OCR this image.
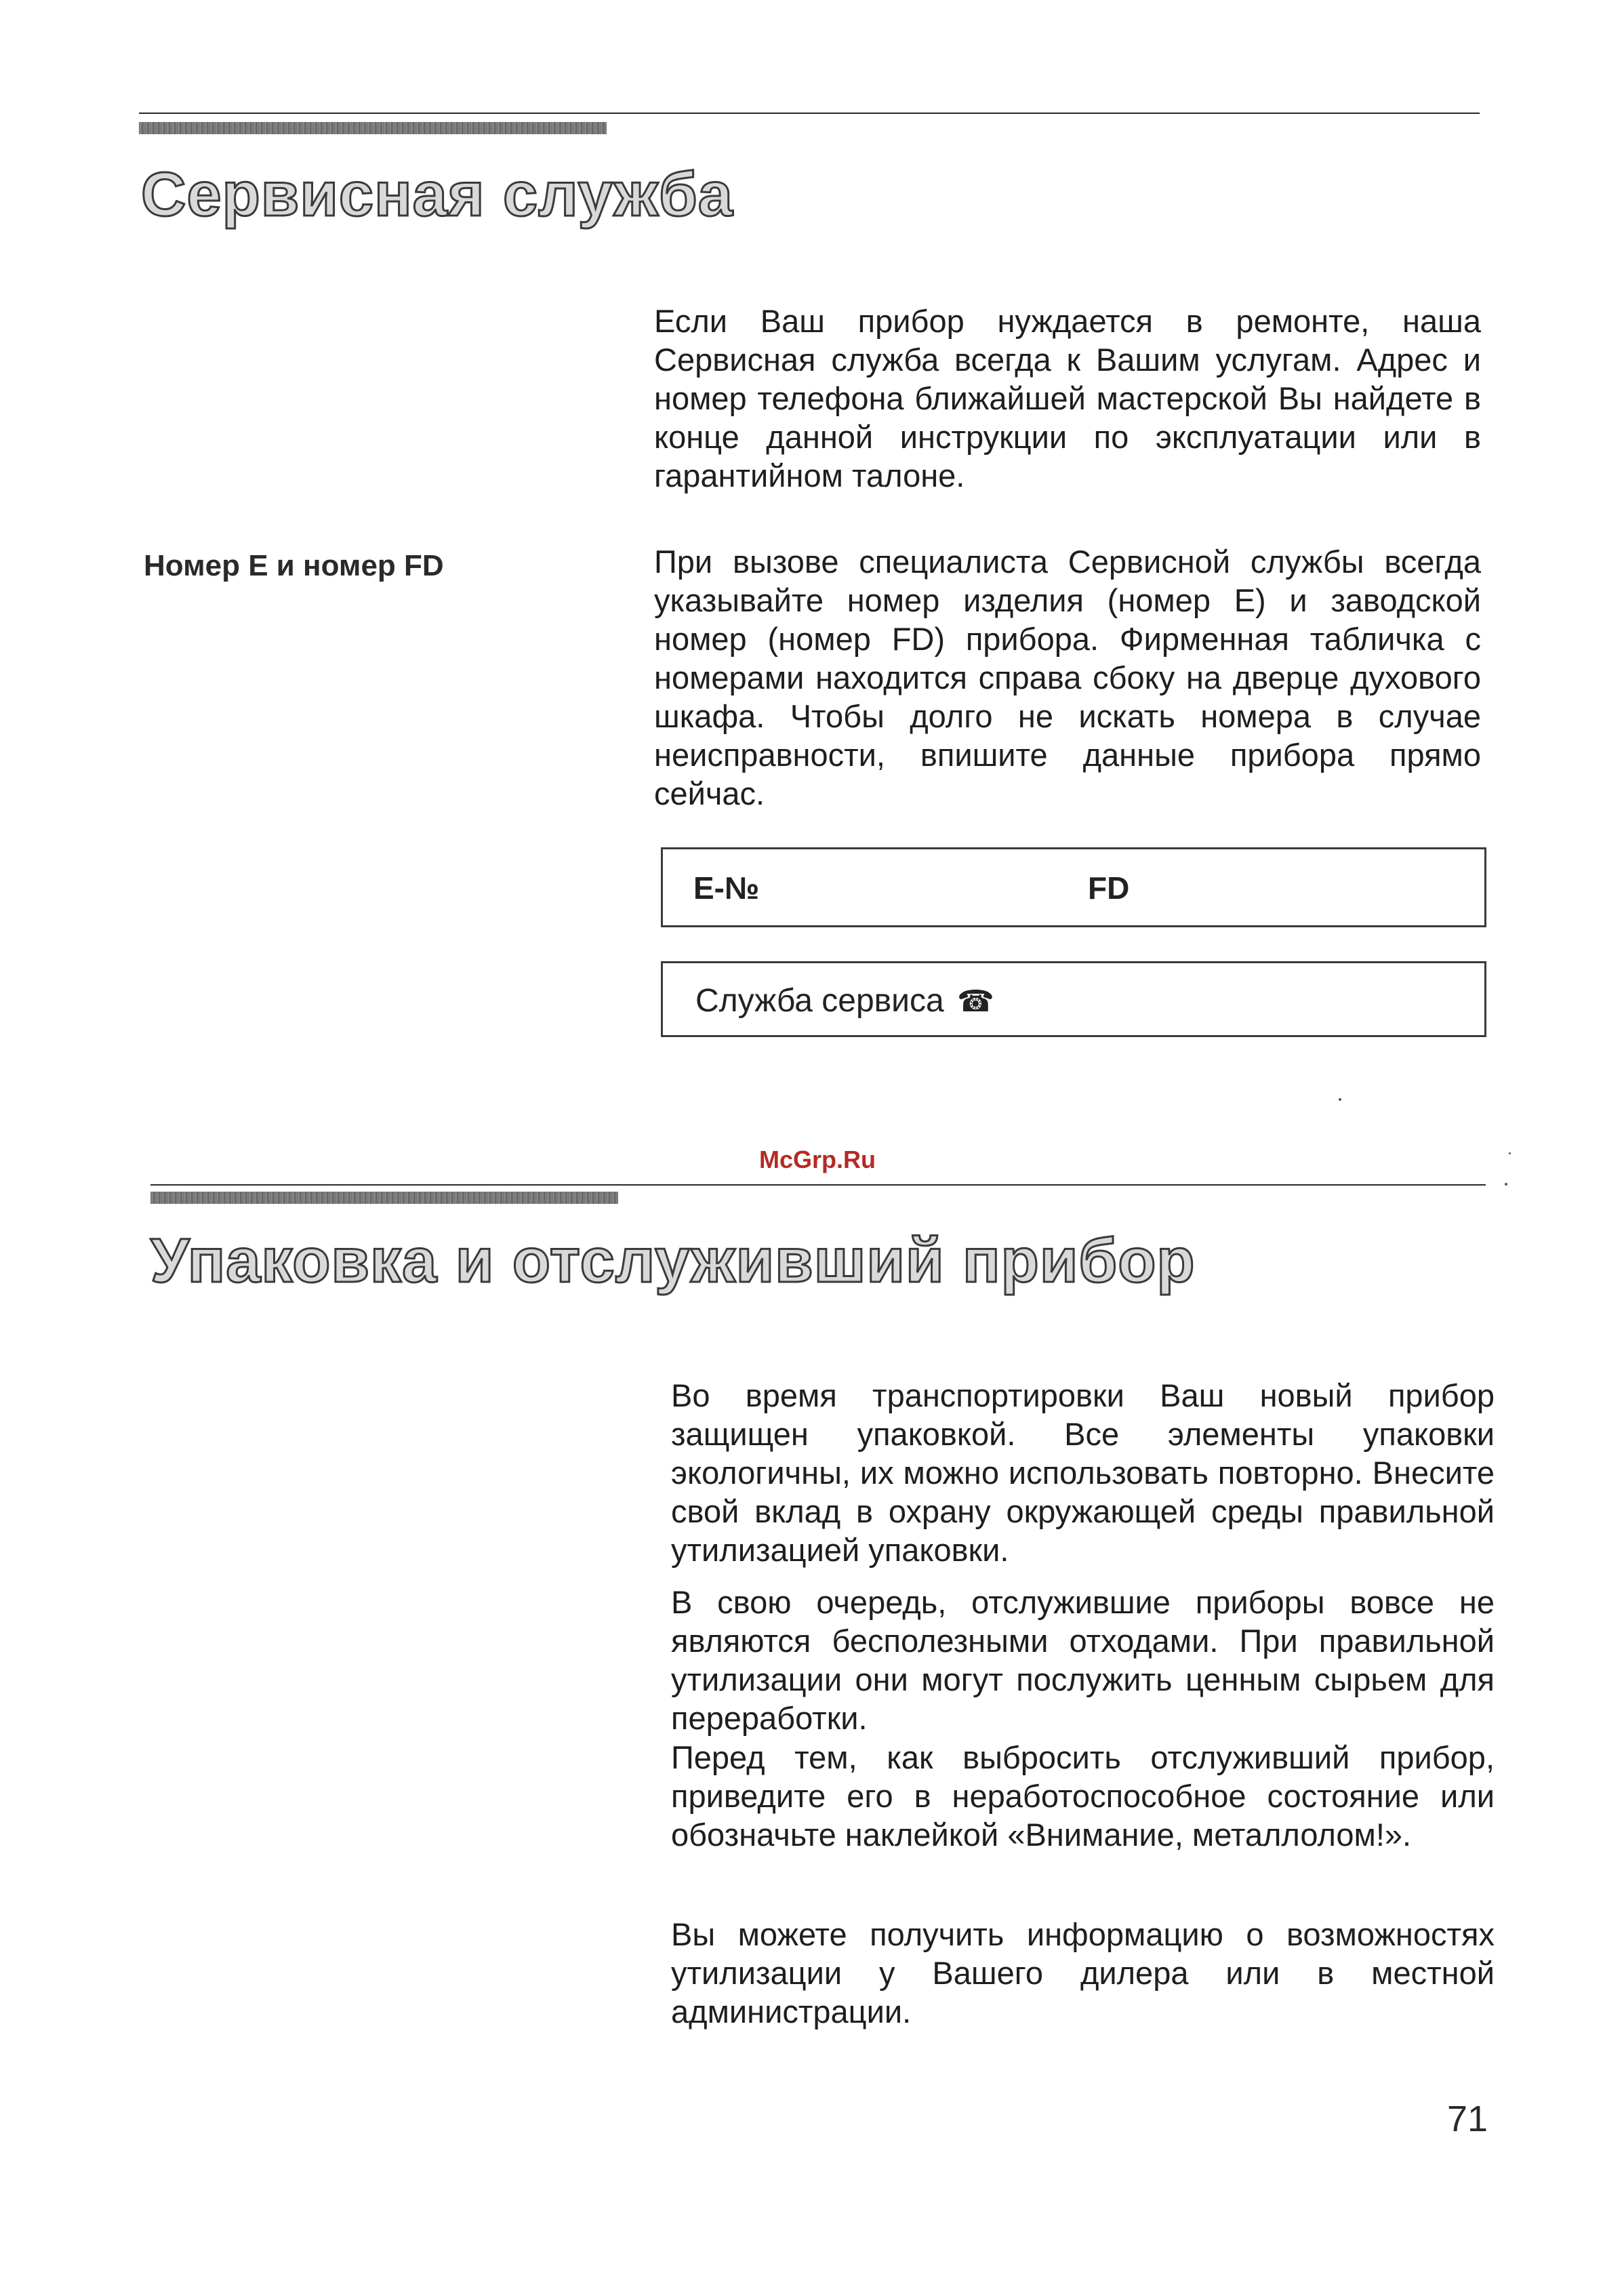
Сервисная служба

Если Ваш прибор нуждается в ремонте, наша Сервисная служба всегда к Вашим услугам. Адрес и номер телефона ближайшей мастерской Вы найдете в конце данной инструкции по эксплуатации или в гарантийном талоне.

Номер E и номер FD	При вызове специалиста Сервисной службы всегда указывайте номер изделия (номер E) и заводской номер (номер FD) прибора. Фирменная табличка с номерами находится справа сбоку на дверце духового шкафа. Чтобы долго не искать номера в случае неисправности, впишите данные прибора прямо сейчас.

E-№	FD
Служба сервиса ☎
McGrp.Ru
Упаковка и отслуживший прибор

Во время транспортировки Ваш новый прибор защищен упаковкой. Все элементы упаковки экологичны, их можно использовать повторно. Внесите свой вклад в охрану окружающей среды правильной утилизацией упаковки.

В свою очередь, отслужившие приборы вовсе не являются бесполезными отходами. При правильной утилизации они могут послужить ценным сырьем для переработки.

Перед тем, как выбросить отслуживший прибор, приведите его в неработоспособное состояние или обозначьте наклейкой «Внимание, металлолом!».

Вы можете получить информацию о возможностях утилизации у Вашего дилера или в местной администрации.

71
